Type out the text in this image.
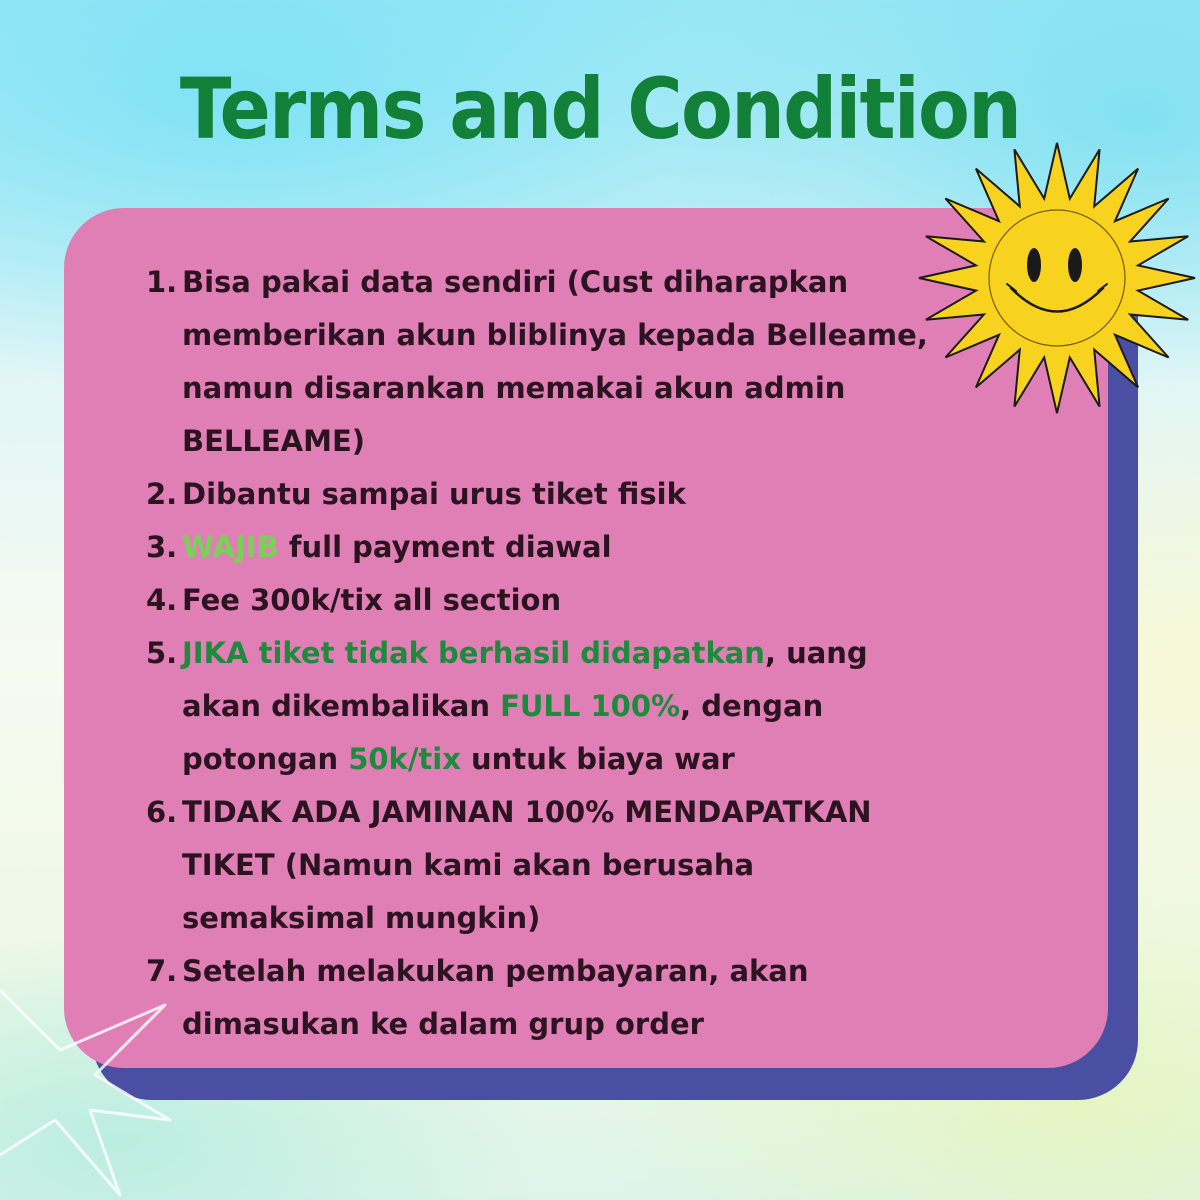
Terms and Condition
1. Bisa pakai data sendiri (Cust diharapkan
memberikan akun bliblinya kepada Belleame,
namun disarankan memakai akun admin
BELLEAME)
2. Dibantu sampai urus tiket fisik
3. WAJIB full payment diawal
4. Fee 300k/tix all section
5. JIKA tiket tidak berhasil didapatkan, uang
akan dikembalikan FULL 100%, dengan
potongan 50k/tix untuk biaya war
6. TIDAK ADA JAMINAN 100% MENDAPATKAN
TIKET (Namun kami akan berusaha
semaksimal mungkin)
7. Setelah melakukan pembayaran, akan
dimasukan ke dalam grup order
